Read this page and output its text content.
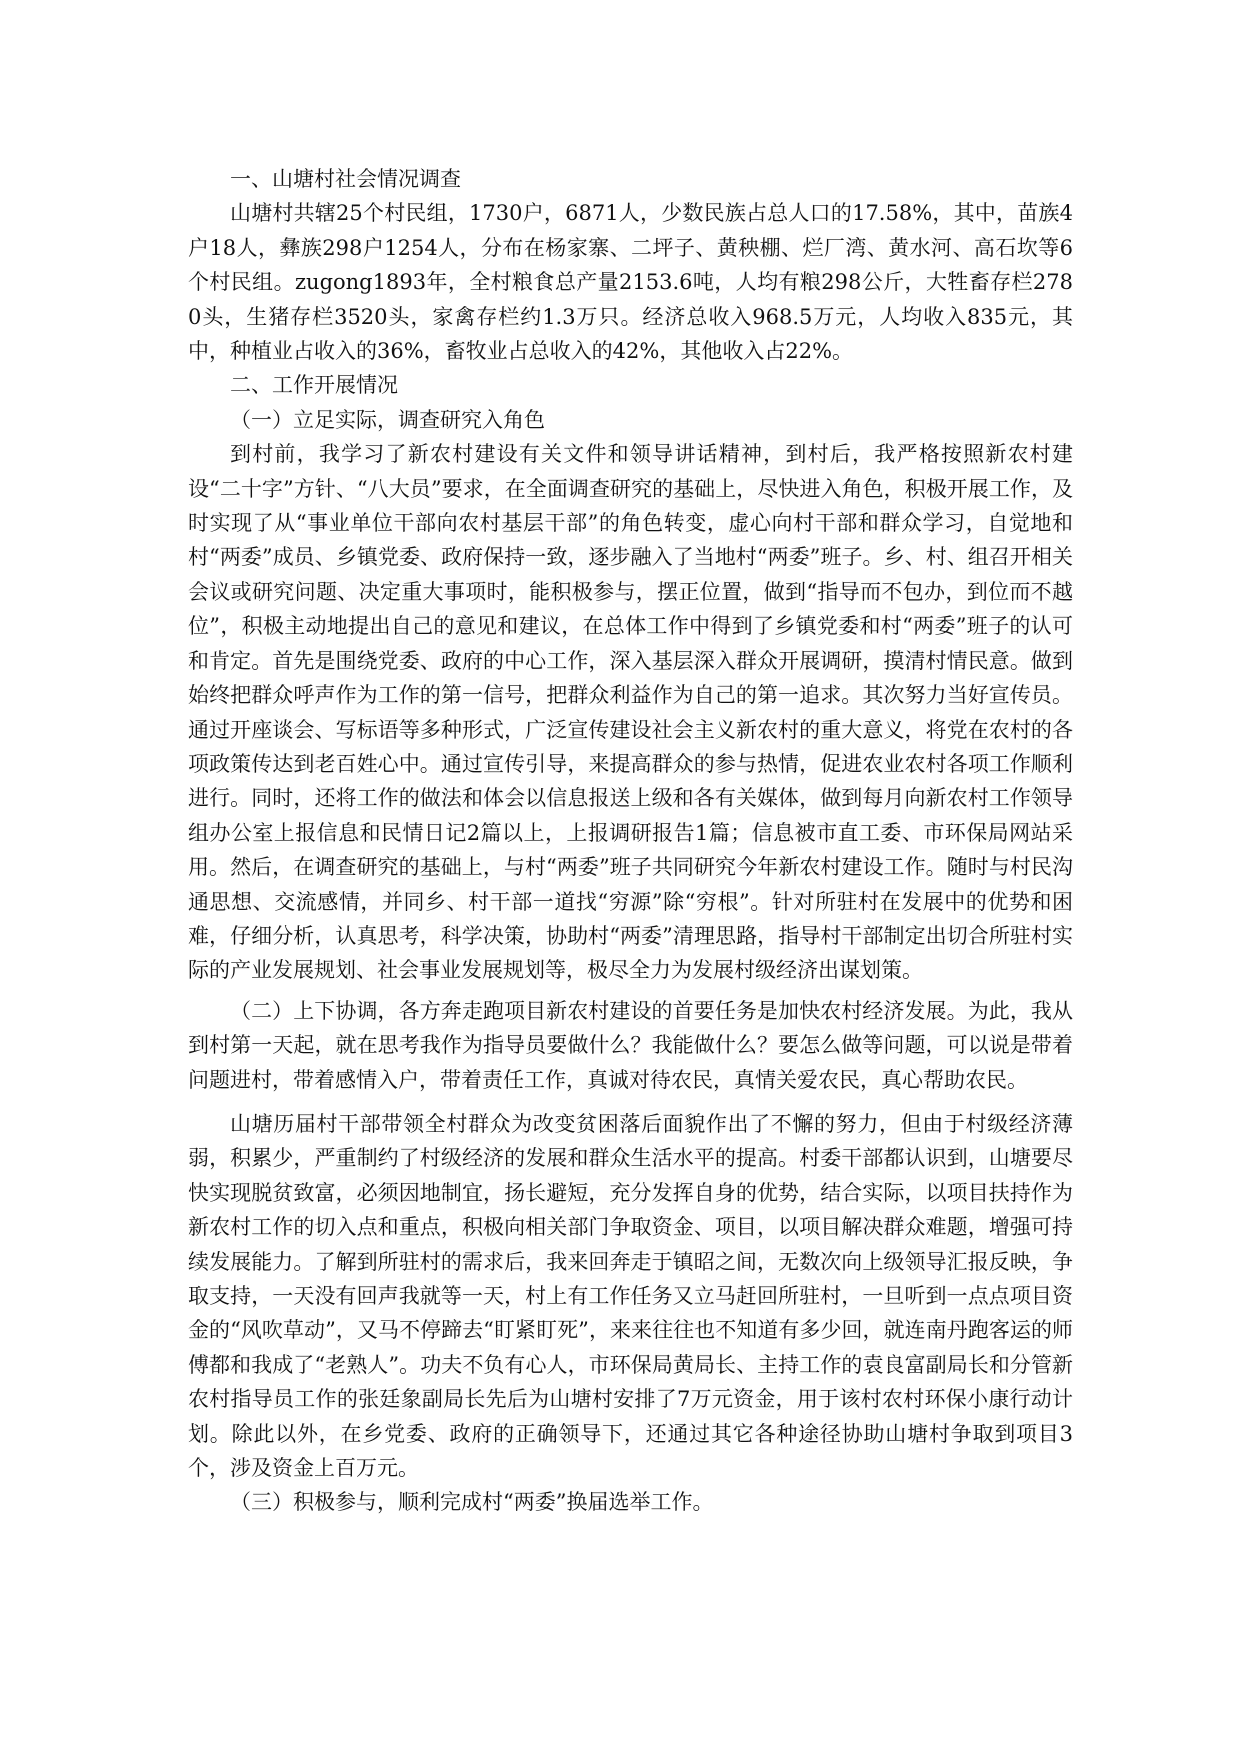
一、山塘村社会情况调查

山塘村共辖25个村民组，1730户，6871人，少数民族占总人口的17.58%，其中，苗族4户18人，彝族298户1254人，分布在杨家寨、二坪子、黄秧棚、烂厂湾、黄水河、高石坎等6个村民组。zugong1893年，全村粮食总产量2153.6吨，人均有粮298公斤，大牲畜存栏2780头，生猪存栏3520头，家禽存栏约1.3万只。经济总收入968.5万元，人均收入835元，其中，种植业占收入的36%，畜牧业占总收入的42%，其他收入占22%。

二、工作开展情况

（一）立足实际，调查研究入角色

到村前，我学习了新农村建设有关文件和领导讲话精神，到村后，我严格按照新农村建设“二十字”方针、“八大员”要求，在全面调查研究的基础上，尽快进入角色，积极开展工作，及时实现了从“事业单位干部向农村基层干部”的角色转变，虚心向村干部和群众学习，自觉地和村“两委”成员、乡镇党委、政府保持一致，逐步融入了当地村“两委”班子。乡、村、组召开相关会议或研究问题、决定重大事项时，能积极参与，摆正位置，做到“指导而不包办，到位而不越位”，积极主动地提出自己的意见和建议，在总体工作中得到了乡镇党委和村“两委”班子的认可和肯定。首先是围绕党委、政府的中心工作，深入基层深入群众开展调研，摸清村情民意。做到始终把群众呼声作为工作的第一信号，把群众利益作为自己的第一追求。其次努力当好宣传员。通过开座谈会、写标语等多种形式，广泛宣传建设社会主义新农村的重大意义，将党在农村的各项政策传达到老百姓心中。通过宣传引导，来提高群众的参与热情，促进农业农村各项工作顺利进行。同时，还将工作的做法和体会以信息报送上级和各有关媒体，做到每月向新农村工作领导组办公室上报信息和民情日记2篇以上，上报调研报告1篇；信息被市直工委、市环保局网站采用。然后，在调查研究的基础上，与村“两委”班子共同研究今年新农村建设工作。随时与村民沟通思想、交流感情，并同乡、村干部一道找“穷源”除“穷根”。针对所驻村在发展中的优势和困难，仔细分析，认真思考，科学决策，协助村“两委”清理思路，指导村干部制定出切合所驻村实际的产业发展规划、社会事业发展规划等，极尽全力为发展村级经济出谋划策。

（二）上下协调，各方奔走跑项目新农村建设的首要任务是加快农村经济发展。为此，我从到村第一天起，就在思考我作为指导员要做什么？我能做什么？要怎么做等问题，可以说是带着问题进村，带着感情入户，带着责任工作，真诚对待农民，真情关爱农民，真心帮助农民。

山塘历届村干部带领全村群众为改变贫困落后面貌作出了不懈的努力，但由于村级经济薄弱，积累少，严重制约了村级经济的发展和群众生活水平的提高。村委干部都认识到，山塘要尽快实现脱贫致富，必须因地制宜，扬长避短，充分发挥自身的优势，结合实际，以项目扶持作为新农村工作的切入点和重点，积极向相关部门争取资金、项目，以项目解决群众难题，增强可持续发展能力。了解到所驻村的需求后，我来回奔走于镇昭之间，无数次向上级领导汇报反映，争取支持，一天没有回声我就等一天，村上有工作任务又立马赶回所驻村，一旦听到一点点项目资金的“风吹草动”，又马不停蹄去“盯紧盯死”，来来往往也不知道有多少回，就连南丹跑客运的师傅都和我成了“老熟人”。功夫不负有心人，市环保局黄局长、主持工作的袁良富副局长和分管新农村指导员工作的张廷象副局长先后为山塘村安排了7万元资金，用于该村农村环保小康行动计划。除此以外，在乡党委、政府的正确领导下，还通过其它各种途径协助山塘村争取到项目3个，涉及资金上百万元。

（三）积极参与，顺利完成村“两委”换届选举工作。
